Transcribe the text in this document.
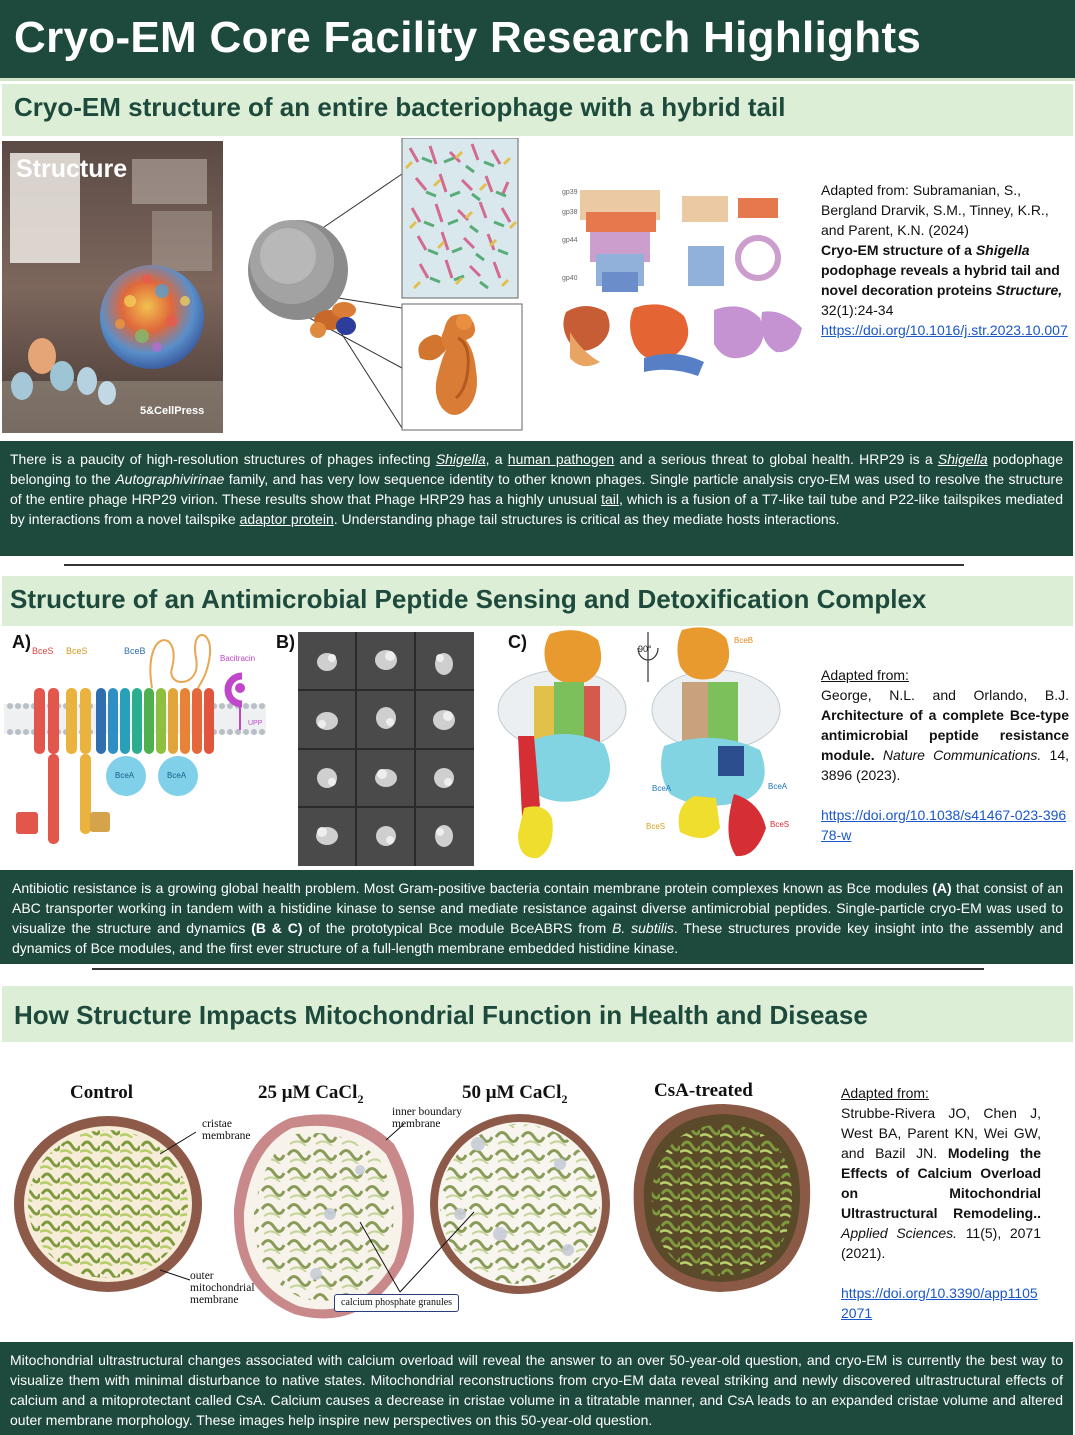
Cryo-EM Core Facility Research Highlights
Cryo-EM structure of an entire bacteriophage with a hybrid tail
Structure
5&CellPress
gp39
gp38
gp44
gp40
Adapted from: Subramanian, S., Bergland Drarvik, S.M., Tinney, K.R., and Parent, K.N. (2024)
Cryo-EM structure of a Shigella podophage reveals a hybrid tail and novel decoration proteins Structure, 32(1):24-34
https://doi.org/10.1016/j.str.2023.10.007
There is a paucity of high-resolution structures of phages infecting Shigella, a human pathogen and a serious threat to global health. HRP29 is a Shigella podophage belonging to the Autographivirinae family, and has very low sequence identity to other known phages. Single particle analysis cryo-EM was used to resolve the structure of the entire phage HRP29 virion. These results show that Phage HRP29 has a highly unusual tail, which is a fusion of a T7-like tail tube and P22-like tailspikes mediated by interactions from a novel tailspike adaptor protein. Understanding phage tail structures is critical as they mediate hosts interactions.
Structure of an Antimicrobial Peptide Sensing and Detoxification Complex
A) BceS BceS	BceB
Bacitracin
BceA	BceA
UPP
B)	C)	90°
BceB
BceA	BceA
BceS	BceS
Adapted from:
George, N.L. and Orlando, B.J. Architecture of a complete Bce-type antimicrobial peptide resistance module. Nature Communications. 14, 3896 (2023).

https://doi.org/10.1038/s41467-023-39678-w
Antibiotic resistance is a growing global health problem. Most Gram-positive bacteria contain membrane protein complexes known as Bce modules (A) that consist of an ABC transporter working in tandem with a histidine kinase to sense and mediate resistance against diverse antimicrobial peptides. Single-particle cryo-EM was used to visualize the structure and dynamics (B & C) of the prototypical Bce module BceABRS from B. subtilis. These structures provide key insight into the assembly and dynamics of Bce modules, and the first ever structure of a full-length membrane embedded histidine kinase.
How Structure Impacts Mitochondrial Function in Health and Disease
Control	25 μM CaCl$_2$	50 μM CaCl$_2$	CsA-treated
cristae
membrane
inner boundary
membrane
outer
mitochondrial
membrane	calcium phosphate granules
Adapted from:
Strubbe-Rivera JO, Chen J, West BA, Parent KN, Wei GW, and Bazil JN. Modeling the Effects of Calcium Overload on Mitochondrial Ultrastructural Remodeling.. Applied Sciences. 11(5), 2071 (2021).

https://doi.org/10.3390/app11052071
Mitochondrial ultrastructural changes associated with calcium overload will reveal the answer to an over 50-year-old question, and cryo-EM is currently the best way to visualize them with minimal disturbance to native states. Mitochondrial reconstructions from cryo-EM data reveal striking and newly discovered ultrastructural effects of calcium and a mitoprotectant called CsA. Calcium causes a decrease in cristae volume in a titratable manner, and CsA leads to an expanded cristae volume and altered outer membrane morphology. These images help inspire new perspectives on this 50-year-old question.
